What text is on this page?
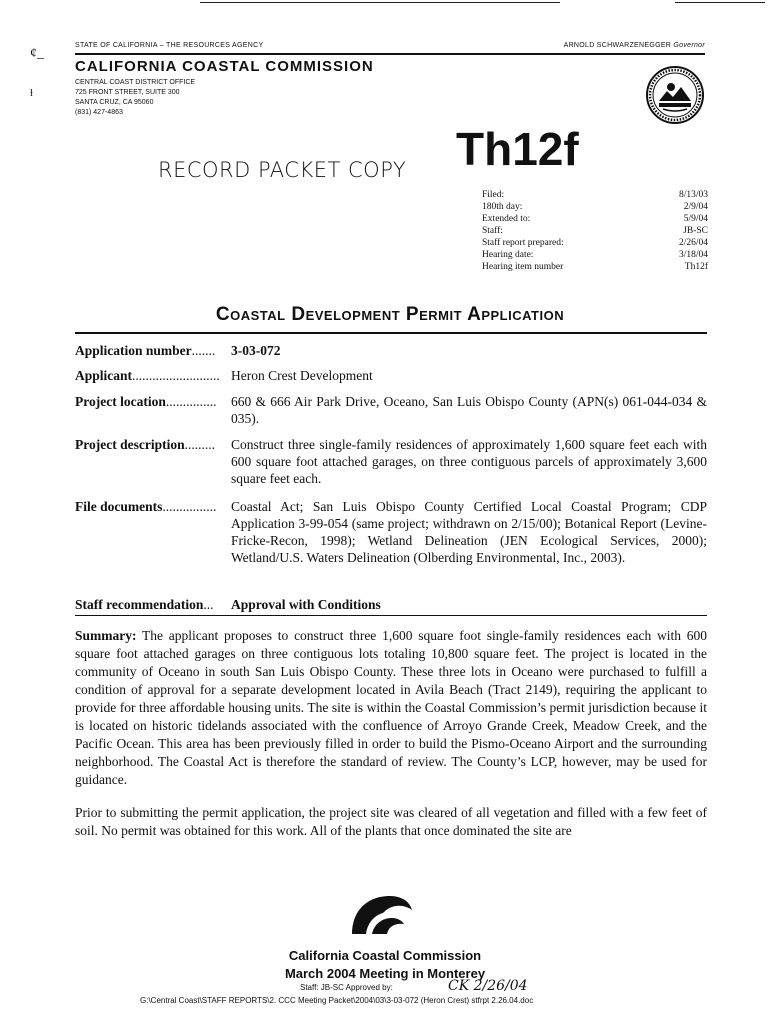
ȼ_
ɫ
STATE OF CALIFORNIA – THE RESOURCES AGENCY	ARNOLD SCHWARZENEGGER Governor
CALIFORNIA COASTAL COMMISSION
CENTRAL COAST DISTRICT OFFICE
725 FRONT STREET, SUITE 300
SANTA CRUZ, CA 95060
(831) 427-4863
RECORD PACKET COPY Th12f
Filed:	8/13/03
180th day:	2/9/04
Extended to:	5/9/04
Staff:	JB-SC
Staff report prepared:	2/26/04
Hearing date:	3/18/04
Hearing item number	Th12f
Coastal Development Permit Application
Application number.......	3-03-072
Applicant.......................... Heron Crest Development
Project location...............	660 & 666 Air Park Drive, Oceano, San Luis Obispo County (APN(s) 061-044-034 & 035).
Project description.........	Construct three single-family residences of approximately 1,600 square feet each with 600 square foot attached garages, on three contiguous parcels of approximately 3,600 square feet each.
File documents................	Coastal Act; San Luis Obispo County Certified Local Coastal Program; CDP Application 3-99-054 (same project; withdrawn on 2/15/00); Botanical Report (Levine-Fricke-Recon, 1998); Wetland Delineation (JEN Ecological Services, 2000); Wetland/U.S. Waters Delineation (Olberding Environmental, Inc., 2003).
Staff recommendation...	Approval with Conditions
Summary: The applicant proposes to construct three 1,600 square foot single-family residences each with 600 square foot attached garages on three contiguous lots totaling 10,800 square feet. The project is located in the community of Oceano in south San Luis Obispo County. These three lots in Oceano were purchased to fulfill a condition of approval for a separate development located in Avila Beach (Tract 2149), requiring the applicant to provide for three affordable housing units. The site is within the Coastal Commission’s permit jurisdiction because it is located on historic tidelands associated with the confluence of Arroyo Grande Creek, Meadow Creek, and the Pacific Ocean. This area has been previously filled in order to build the Pismo-Oceano Airport and the surrounding neighborhood. The Coastal Act is therefore the standard of review. The County’s LCP, however, may be used for guidance.
Prior to submitting the permit application, the project site was cleared of all vegetation and filled with a few feet of soil. No permit was obtained for this work. All of the plants that once dominated the site are
California Coastal Commission
March 2004 Meeting in Monterey
Staff: JB-SC Approved by:	CK 2/26/04
G:\Central Coast\STAFF REPORTS\2. CCC Meeting Packet\2004\03\3-03-072 (Heron Crest) stfrpt 2.26.04.doc
